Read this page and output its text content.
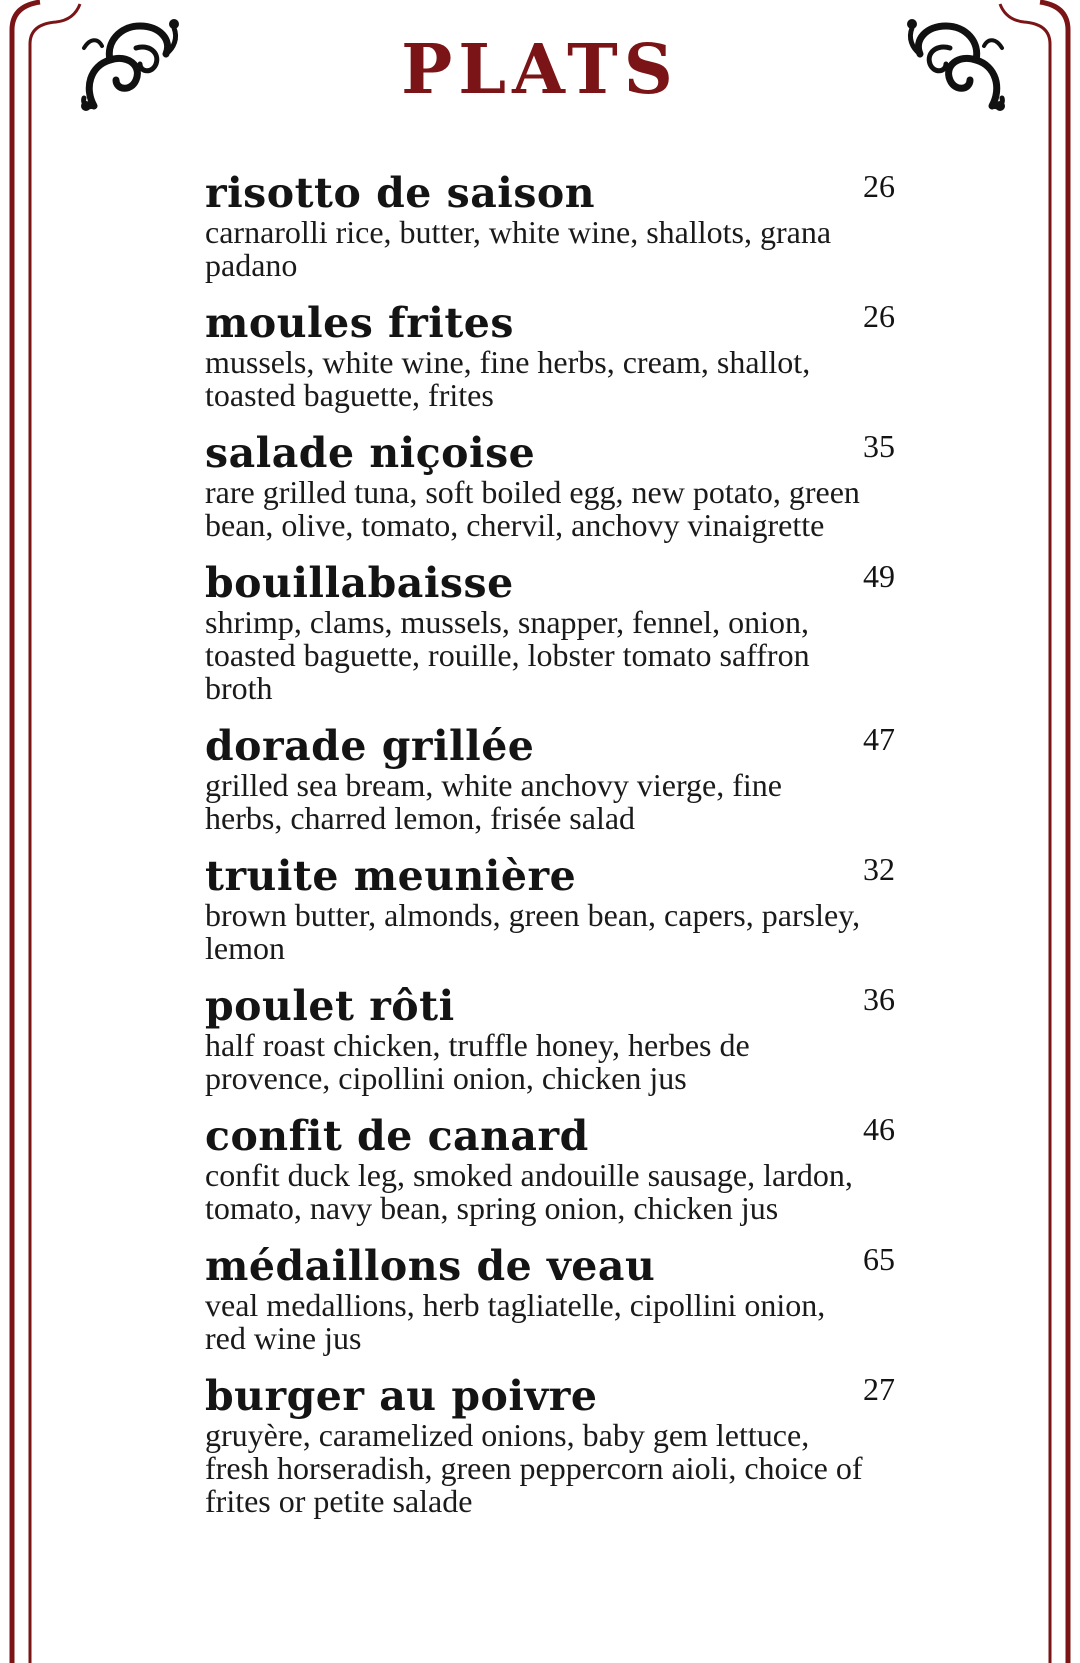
PLATS
risotto de saison	26
carnarolli rice, butter, white wine, shallots, grana padano
moules frites	26
mussels, white wine, fine herbs, cream, shallot, toasted baguette, frites
salade niçoise	35
rare grilled tuna, soft boiled egg, new potato, green bean, olive, tomato, chervil, anchovy vinaigrette
bouillabaisse	49
shrimp, clams, mussels, snapper, fennel, onion, toasted baguette, rouille, lobster tomato saffron broth
dorade grillée	47
grilled sea bream, white anchovy vierge, fine herbs, charred lemon, frisée salad
truite meunière	32
brown butter, almonds, green bean, capers, parsley, lemon
poulet rôti	36
half roast chicken, truffle honey, herbes de provence, cipollini onion, chicken jus
confit de canard	46
confit duck leg, smoked andouille sausage, lardon, tomato, navy bean, spring onion, chicken jus
médaillons de veau	65
veal medallions, herb tagliatelle, cipollini onion, red wine jus
burger au poivre	27
gruyère, caramelized onions, baby gem lettuce, fresh horseradish, green peppercorn aioli, choice of frites or petite salade
